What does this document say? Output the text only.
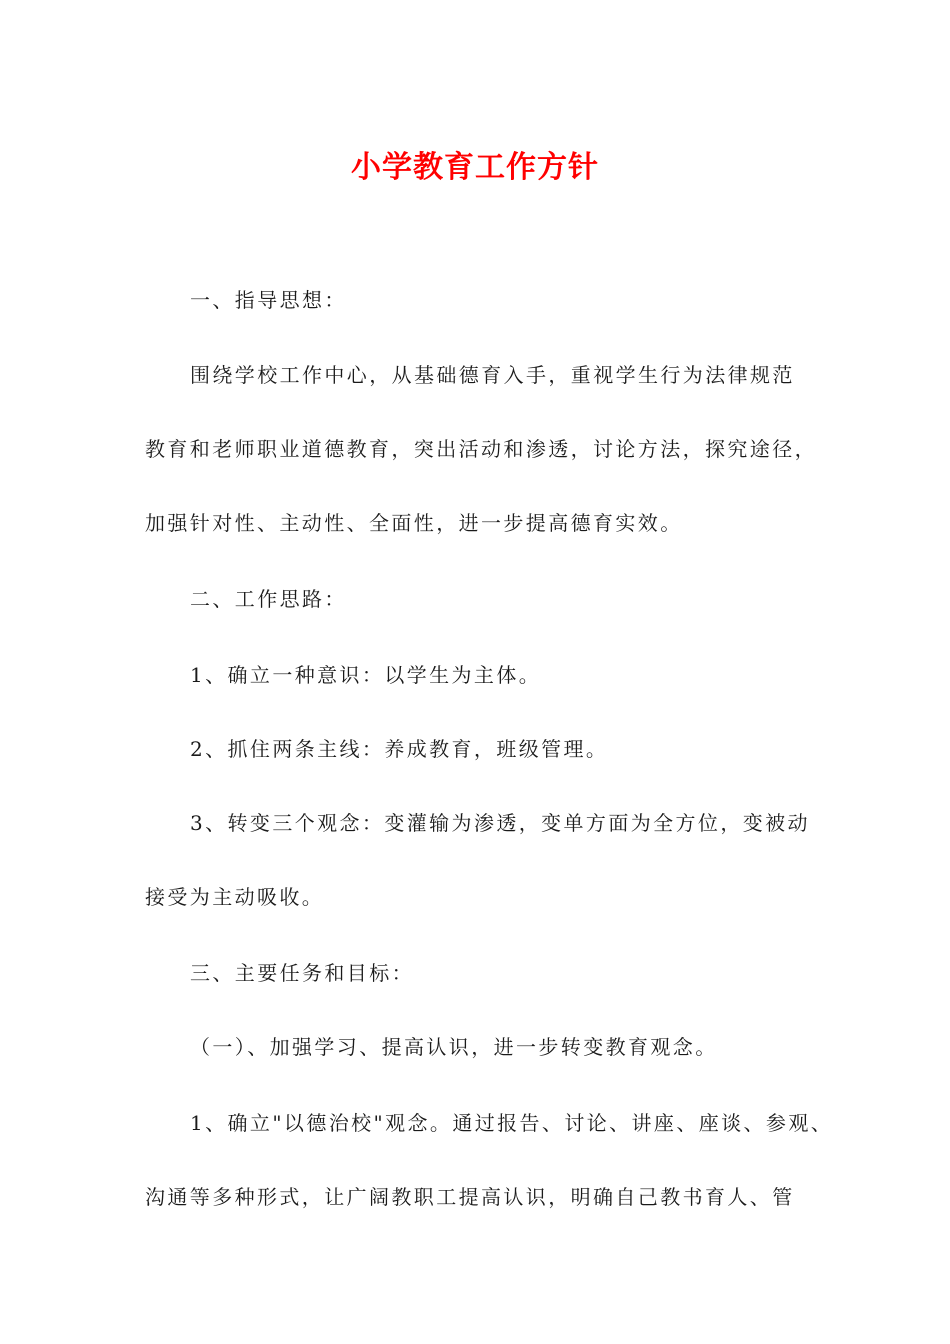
小学教育工作方针
一、指导思想：
围绕学校工作中心，从基础德育入手，重视学生行为法律规范
教育和老师职业道德教育，突出活动和渗透，讨论方法，探究途径，
加强针对性、主动性、全面性，进一步提高德育实效。
二、工作思路：
1、确立一种意识：以学生为主体。
2、抓住两条主线：养成教育，班级管理。
3、转变三个观念：变灌输为渗透，变单方面为全方位，变被动
接受为主动吸收。
三、主要任务和目标：
（一）、加强学习、提高认识，进一步转变教育观念。
1、确立"以德治校"观念。通过报告、讨论、讲座、座谈、参观、
沟通等多种形式，让广阔教职工提高认识，明确自己教书育人、管
